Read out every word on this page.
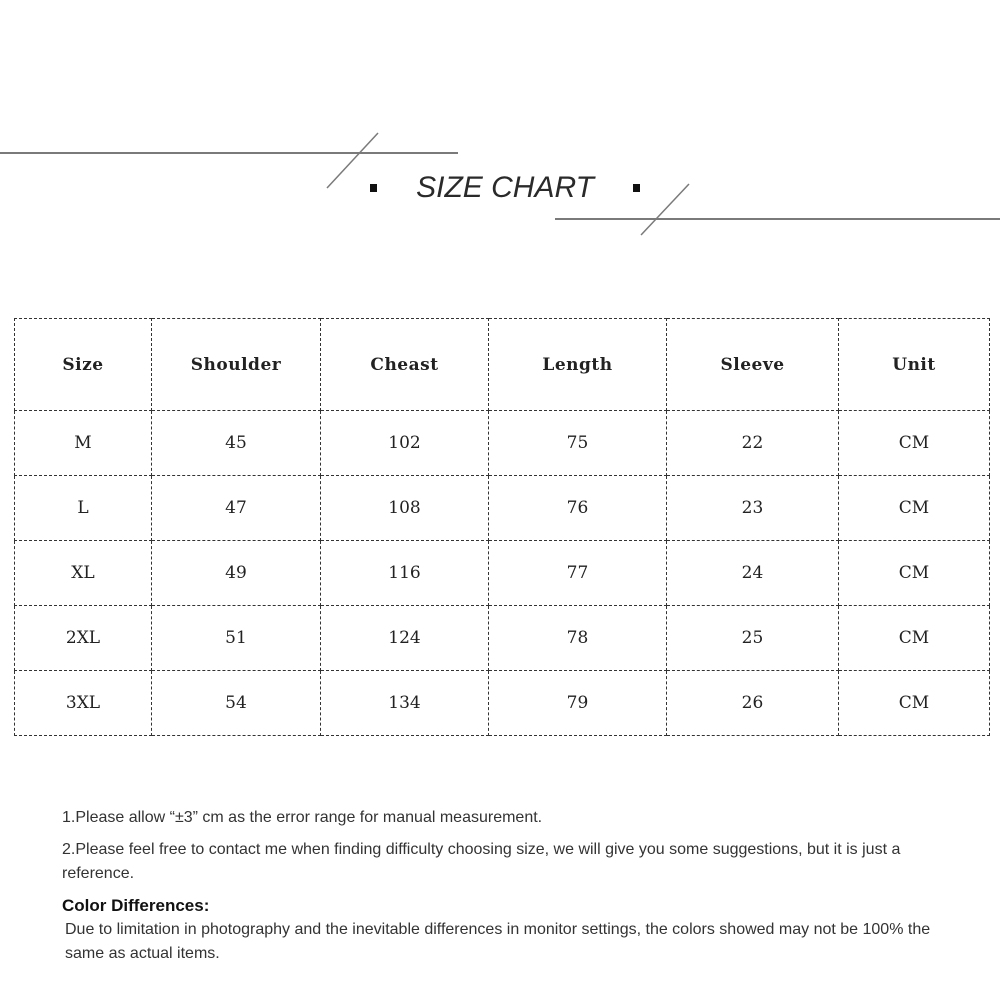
SIZE CHART
Size	Shoulder	Cheast	Length	Sleeve	Unit
M	45	102	75	22	CM
L	47	108	76	23	CM
XL	49	116	77	24	CM
2XL	51	124	78	25	CM
3XL	54	134	79	26	CM

1.Please allow “±3” cm as the error range for manual measurement.

2.Please feel free to contact me when finding difficulty choosing size, we will give you some suggestions, but it is just a reference.

Color Differences:

Due to limitation in photography and the inevitable differences in monitor settings, the colors showed may not be 100% the same as actual items.
